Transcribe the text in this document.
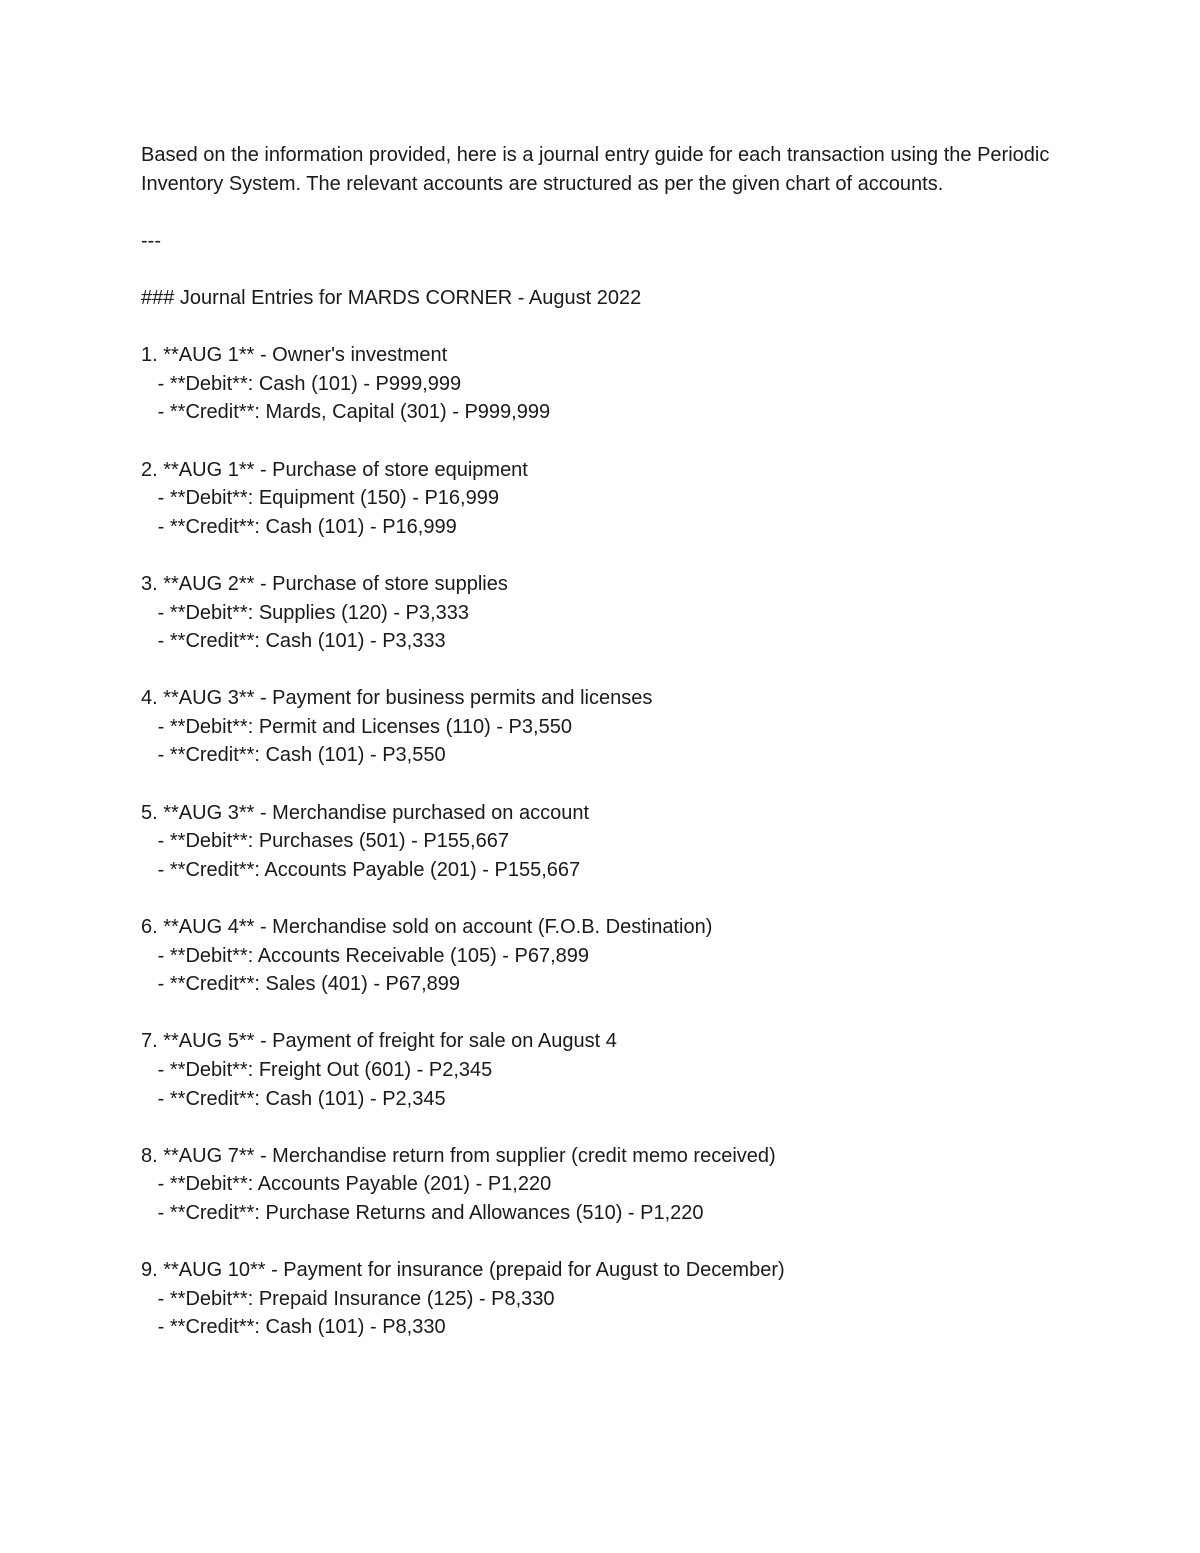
Based on the information provided, here is a journal entry guide for each transaction using the Periodic Inventory System. The relevant accounts are structured as per the given chart of accounts.

---
### Journal Entries for MARDS CORNER - August 2022
1. **AUG 1** - Owner's investment
- **Debit**: Cash (101) - P999,999
- **Credit**: Mards, Capital (301) - P999,999
2. **AUG 1** - Purchase of store equipment
- **Debit**: Equipment (150) - P16,999
- **Credit**: Cash (101) - P16,999
3. **AUG 2** - Purchase of store supplies
- **Debit**: Supplies (120) - P3,333
- **Credit**: Cash (101) - P3,333
4. **AUG 3** - Payment for business permits and licenses
- **Debit**: Permit and Licenses (110) - P3,550
- **Credit**: Cash (101) - P3,550
5. **AUG 3** - Merchandise purchased on account
- **Debit**: Purchases (501) - P155,667
- **Credit**: Accounts Payable (201) - P155,667
6. **AUG 4** - Merchandise sold on account (F.O.B. Destination)
- **Debit**: Accounts Receivable (105) - P67,899
- **Credit**: Sales (401) - P67,899
7. **AUG 5** - Payment of freight for sale on August 4
- **Debit**: Freight Out (601) - P2,345
- **Credit**: Cash (101) - P2,345
8. **AUG 7** - Merchandise return from supplier (credit memo received)
- **Debit**: Accounts Payable (201) - P1,220
- **Credit**: Purchase Returns and Allowances (510) - P1,220
9. **AUG 10** - Payment for insurance (prepaid for August to December)
- **Debit**: Prepaid Insurance (125) - P8,330
- **Credit**: Cash (101) - P8,330
